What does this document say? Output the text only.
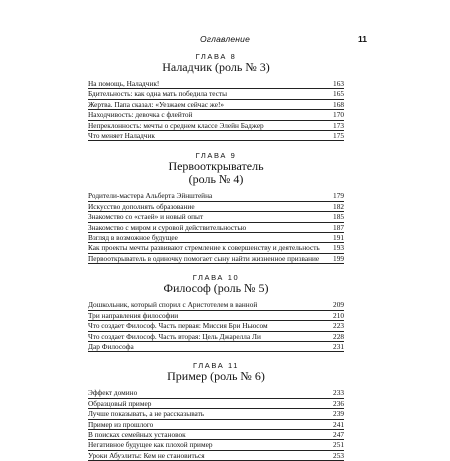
Оглавление	11
ГЛАВА 8
Наладчик (роль № 3)
На помощь, Наладчик!	163
Бдительность: как одна мать победила тесты	165
Жертва. Папа сказал: «Уезжаем сейчас же!»	168
Находчивость: девочка с флейтой	170
Непреклонность: мечты о среднем классе Элейн Баджер	173
Что меняет Наладчик	175
ГЛАВА 9
Первооткрыватель
(роль № 4)
Родители-мастера Альберта Эйнштейна	179
Искусство дополнять образование	182
Знакомство со «стаей» и новый опыт	185
Знакомство с миром и суровой действительностью	187
Взгляд в возможное будущее	191
Как проекты мечты развивают стремление к совершенству и деятельность	193
Первооткрыватель в одиночку помогает сыну найти жизненное призвание	199
ГЛАВА 10
Философ (роль № 5)
Дошкольник, который спорил с Аристотелем в ванной	209
Три направления философии	210
Что создает Философ. Часть первая: Миссия Бри Ньюсом	223
Что создает Философ. Часть вторая: Цель Джарелла Ли	228
Дар Философа	231
ГЛАВА 11
Пример (роль № 6)
Эффект домино	233
Образцовый пример	236
Лучше показывать, а не рассказывать	239
Пример из прошлого	241
В поисках семейных установок	247
Негативное будущее как плохой пример	251
Уроки Абуэлиты: Кем не становиться	253
